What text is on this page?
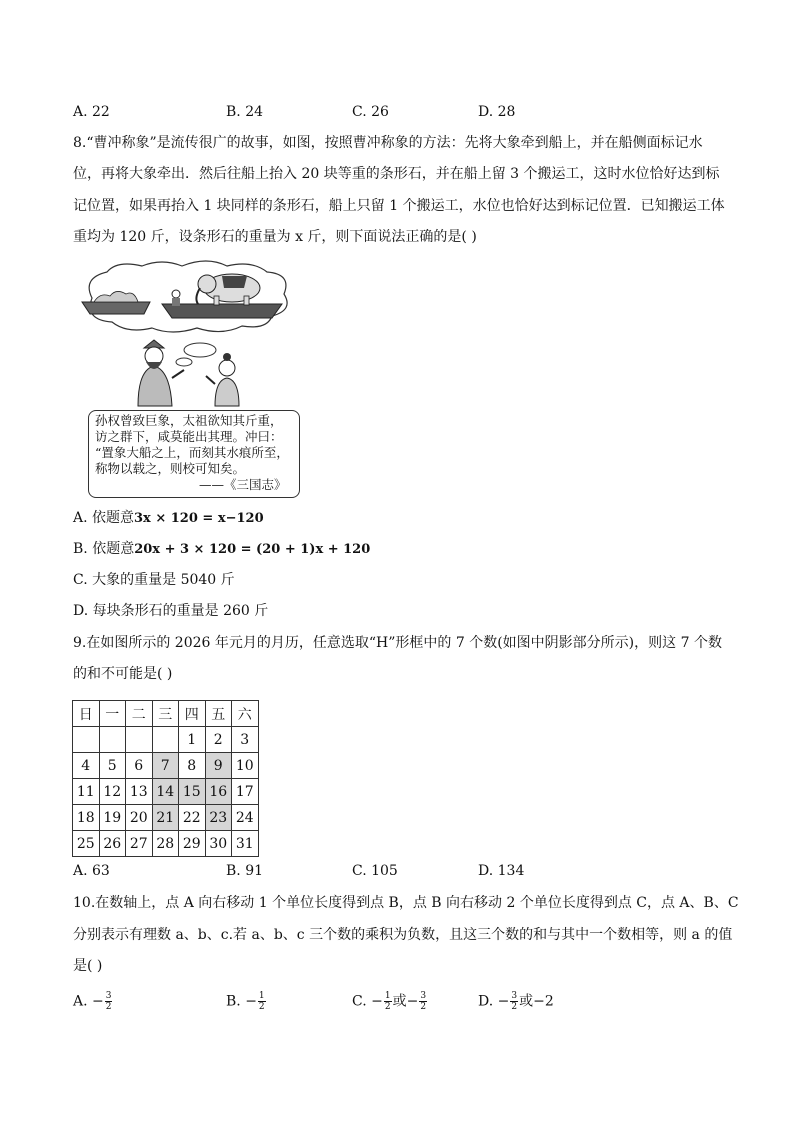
A. 22	B. 24	C. 26	D. 28
8.“曹冲称象”是流传很广的故事，如图，按照曹冲称象的方法：先将大象牵到船上，并在船侧面标记水
位，再将大象牵出．然后往船上抬入 20 块等重的条形石，并在船上留 3 个搬运工，这时水位恰好达到标
记位置，如果再抬入 1 块同样的条形石，船上只留 1 个搬运工，水位也恰好达到标记位置．已知搬运工体
重均为 120 斤，设条形石的重量为 x 斤，则下面说法正确的是( )
孙权曾致巨象，太祖欲知其斤重，
访之群下，咸莫能出其理。冲曰：
“置象大船之上，而刻其水痕所至，
称物以载之，则校可知矣。
——《三国志》
A. 依题意3x × 120 = x−120
B. 依题意20x + 3 × 120 = (20 + 1)x + 120
C. 大象的重量是 5040 斤
D. 每块条形石的重量是 260 斤
9.在如图所示的 2026 年元月的月历，任意选取“H”形框中的 7 个数(如图中阴影部分所示)，则这 7 个数
的和不可能是( )
日	一	二	三	四	五	六
				1	2	3
4	5	6	7	8	9	10
11	12	13	14	15	16	17
18	19	20	21	22	23	24
25	26	27	28	29	30	31
A. 63	B. 91	C. 105	D. 134
10.在数轴上，点 A 向右移动 1 个单位长度得到点 B，点 B 向右移动 2 个单位长度得到点 C，点 A、B、C
分别表示有理数 a、b、c.若 a、b、c 三个数的乘积为负数，且这三个数的和与其中一个数相等，则 a 的值
是( )
A. − $\frac{3}{2}$	B. − $\frac{1}{2}$	C. − $\frac{1}{2}$ 或− $\frac{3}{2}$	D. − $\frac{3}{2}$ 或−2
